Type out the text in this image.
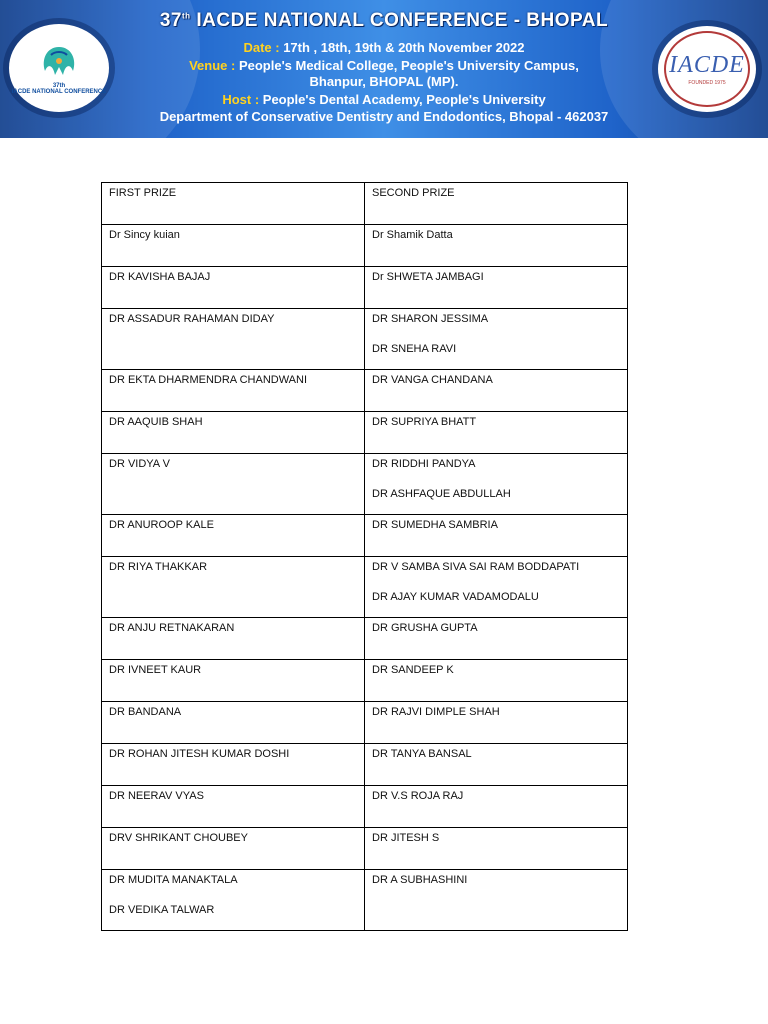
37th
IACDE NATIONAL CONFERENCE
37th IACDE NATIONAL CONFERENCE - BHOPAL
Date : 17th , 18th, 19th & 20th November 2022
Venue : People's Medical College, People's University Campus,
Bhanpur, BHOPAL (MP).
Host : People's Dental Academy, People's University
Department of Conservative Dentistry and Endodontics, Bhopal - 462037
IACDE
FOUNDED 1975
FIRST PRIZE	SECOND PRIZE

Dr Sincy kuian	Dr Shamik Datta

DR KAVISHA BAJAJ	Dr SHWETA JAMBAGI

DR ASSADUR RAHAMAN DIDAY	DR SHARON JESSIMA
DR SNEHA RAVI

DR EKTA DHARMENDRA CHANDWANI	DR VANGA CHANDANA

DR AAQUIB SHAH	DR SUPRIYA BHATT

DR VIDYA V	DR RIDDHI PANDYA
DR ASHFAQUE ABDULLAH

DR ANUROOP KALE	DR SUMEDHA SAMBRIA

DR RIYA THAKKAR	DR V SAMBA SIVA SAI RAM BODDAPATI
DR AJAY KUMAR VADAMODALU

DR ANJU RETNAKARAN	DR GRUSHA GUPTA

DR IVNEET KAUR	DR SANDEEP K

DR BANDANA	DR RAJVI DIMPLE SHAH

DR ROHAN JITESH KUMAR DOSHI	DR TANYA BANSAL

DR NEERAV VYAS	DR V.S ROJA RAJ

DRV SHRIKANT CHOUBEY	DR JITESH S

DR MUDITA MANAKTALA
DR VEDIKA TALWAR	DR A SUBHASHINI
